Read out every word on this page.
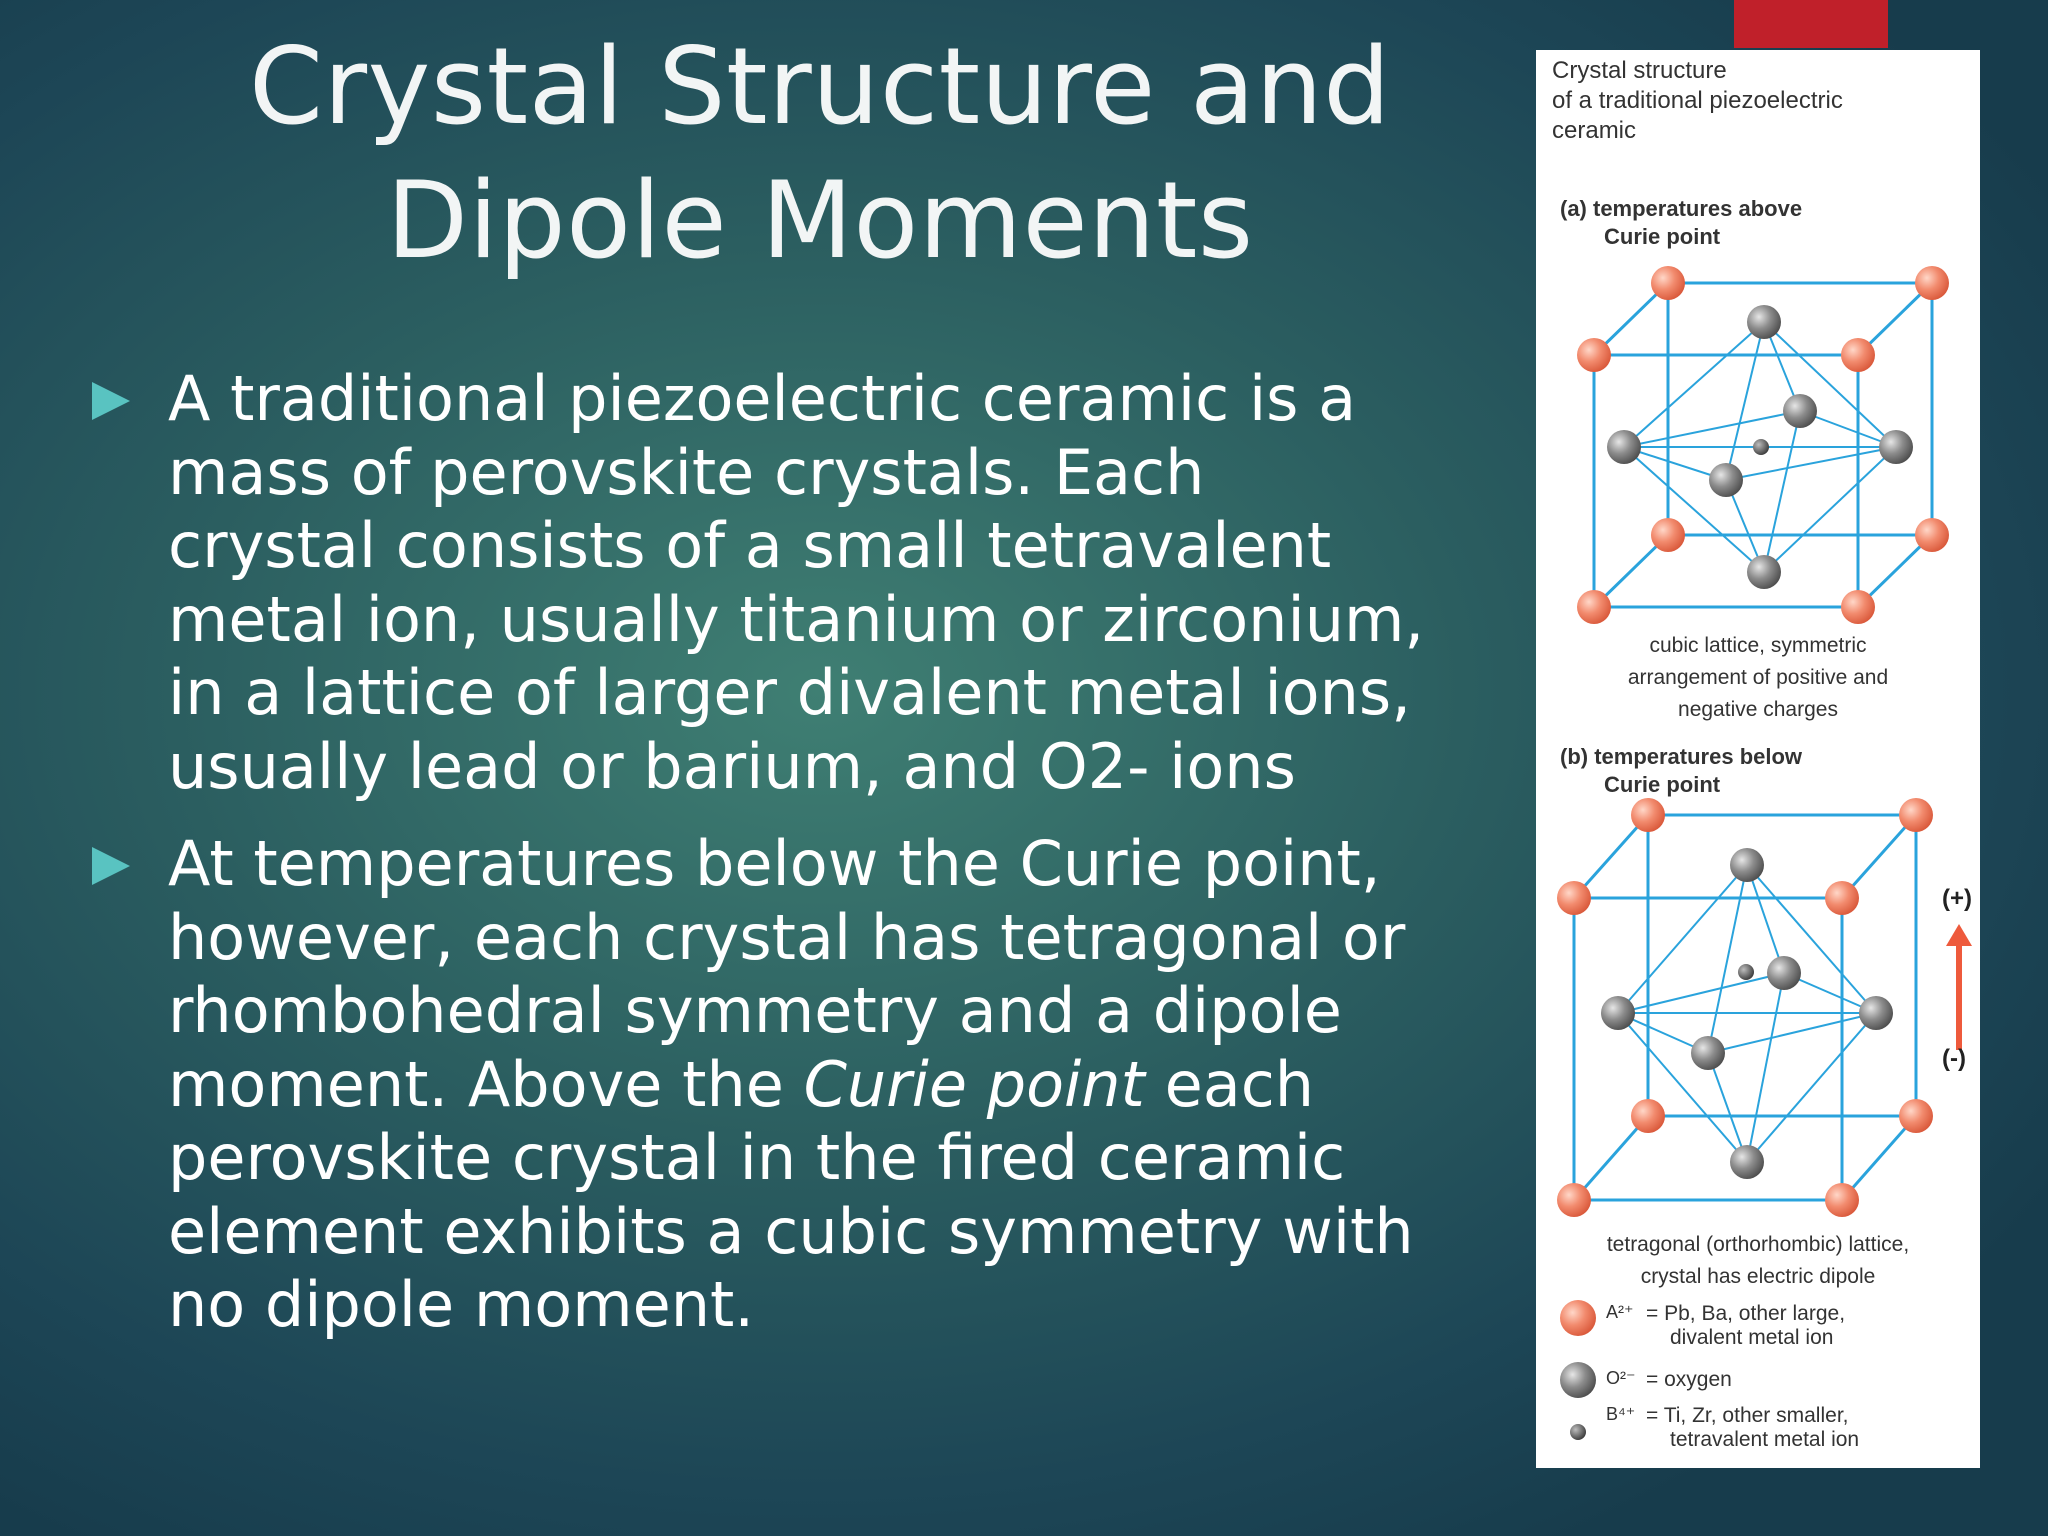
Crystal Structure and
Dipole Moments
A traditional piezoelectric ceramic is a mass of perovskite crystals. Each crystal consists of a small tetravalent metal ion, usually titanium or zirconium, in a lattice of larger divalent metal ions, usually lead or barium, and O2- ions
At temperatures below the Curie point, however, each crystal has tetragonal or rhombohedral symmetry and a dipole moment. Above the Curie point each perovskite crystal in the fired ceramic element exhibits a cubic symmetry with no dipole moment.
Crystal structure
of a traditional piezoelectric
ceramic
(a) temperatures above
Curie point
cubic lattice, symmetric
arrangement of positive and
negative charges
(b) temperatures below
Curie point
(+)
(-)
tetragonal (orthorhombic) lattice,
crystal has electric dipole
A²⁺ = Pb, Ba, other large,
divalent metal ion
O²⁻ = oxygen
B⁴⁺ = Ti, Zr, other smaller,
tetravalent metal ion
